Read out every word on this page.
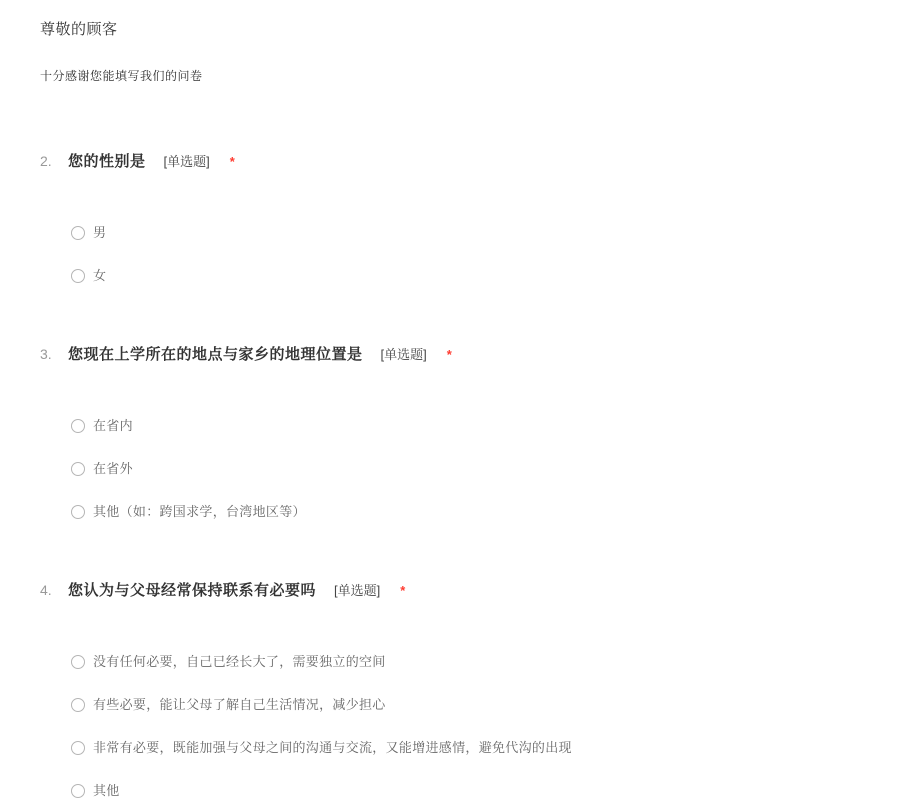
尊敬的顾客
十分感谢您能填写我们的问卷
2.	您的性别是 [单选题] *
男
女
3.	您现在上学所在的地点与家乡的地理位置是 [单选题] *
在省内
在省外
其他（如：跨国求学，台湾地区等）
4.	您认为与父母经常保持联系有必要吗 [单选题] *
没有任何必要，自己已经长大了，需要独立的空间
有些必要，能让父母了解自己生活情况，减少担心
非常有必要，既能加强与父母之间的沟通与交流，又能增进感情，避免代沟的出现
其他
